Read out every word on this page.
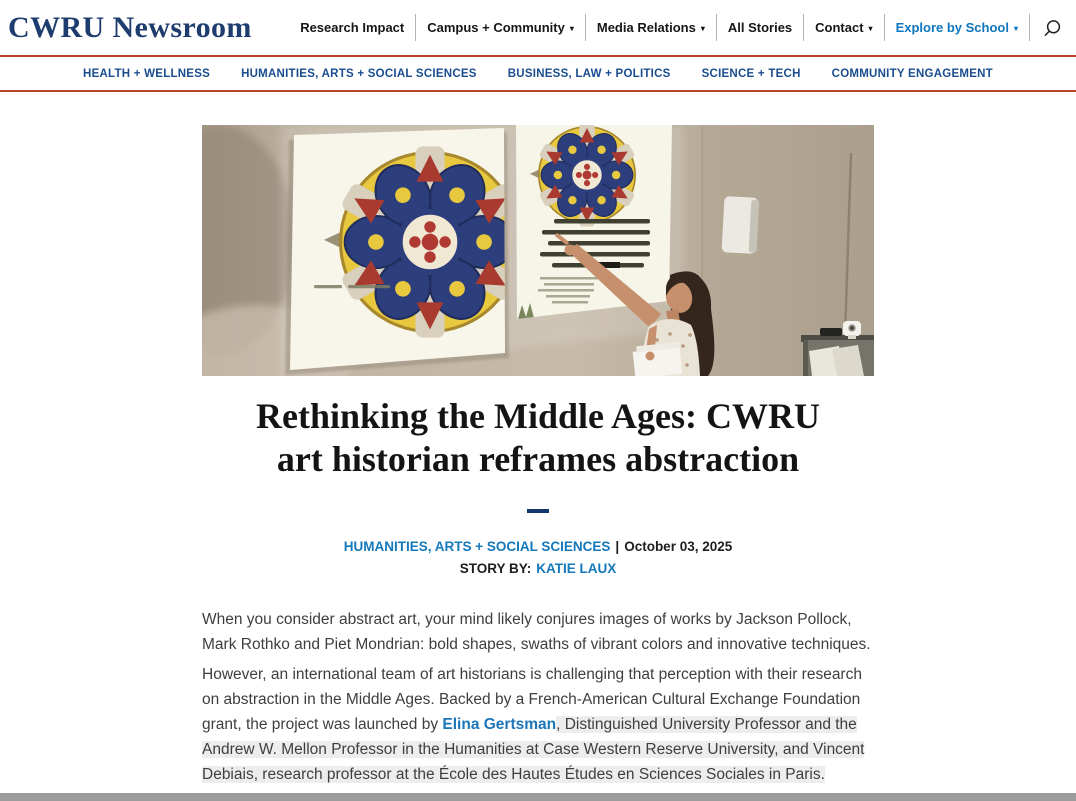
CWRU Newsroom	Research Impact Campus + Community ▾ Media Relations ▾ All Stories Contact ▾ Explore by School ▾
HEALTH + WELLNESS	HUMANITIES, ARTS + SOCIAL SCIENCES	BUSINESS, LAW + POLITICS	SCIENCE + TECH	COMMUNITY ENGAGEMENT
Rethinking the Middle Ages: CWRU
art historian reframes abstraction
HUMANITIES, ARTS + SOCIAL SCIENCES | October 03, 2025
STORY BY: KATIE LAUX

When you consider abstract art, your mind likely conjures images of works by Jackson Pollock, Mark Rothko and Piet Mondrian: bold shapes, swaths of vibrant colors and innovative techniques.

However, an international team of art historians is challenging that perception with their research on abstraction in the Middle Ages. Backed by a French-American Cultural Exchange Foundation grant, the project was launched by Elina Gertsman, Distinguished University Professor and the Andrew W. Mellon Professor in the Humanities at Case Western Reserve University, and Vincent Debiais, research professor at the École des Hautes Études en Sciences Sociales in Paris.
